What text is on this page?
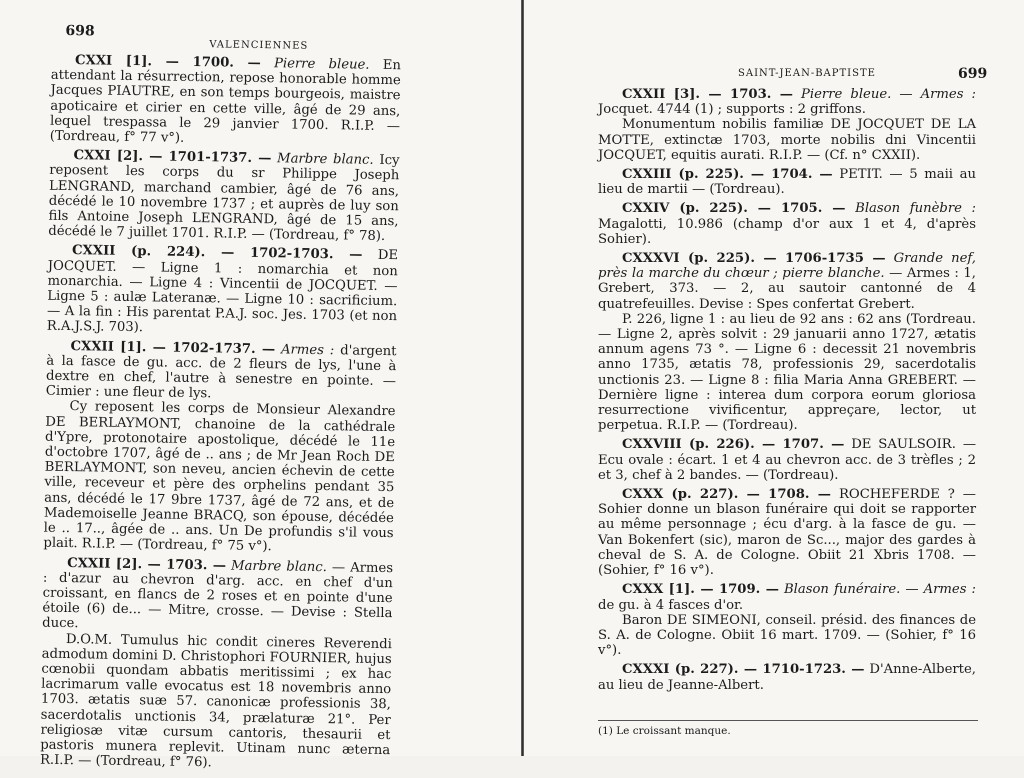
698
VALENCIENNES

CXXI [1]. — 1700. — Pierre bleue. En attendant la résurrection, repose honorable homme Jacques PIAUTRE, en son temps bourgeois, maistre apoticaire et cirier en cette ville, âgé de 29 ans, lequel trespassa le 29 janvier 1700. R.I.P. — (Tordreau, f° 77 v°).

CXXI [2]. — 1701-1737. — Marbre blanc. Icy reposent les corps du sr Philippe Joseph LENGRAND, marchand cambier, âgé de 76 ans, décédé le 10 novembre 1737 ; et auprès de luy son fils Antoine Joseph LENGRAND, âgé de 15 ans, décédé le 7 juillet 1701. R.I.P. — (Tordreau, f° 78).

CXXII (p. 224). — 1702-1703. — DE JOCQUET. — Ligne 1 : nomarchia et non monarchia. — Ligne 4 : Vincentii de JOCQUET. — Ligne 5 : aulæ Lateranæ. — Ligne 10 : sacrificium. — A la fin : His parentat P.A.J. soc. Jes. 1703 (et non R.A.J.S.J. 703).

CXXII [1]. — 1702-1737. — Armes : d'argent à la fasce de gu. acc. de 2 fleurs de lys, l'une à dextre en chef, l'autre à senestre en pointe. — Cimier : une fleur de lys.

Cy reposent les corps de Monsieur Alexandre DE BERLAYMONT, chanoine de la cathédrale d'Ypre, protonotaire apostolique, décédé le 11e d'octobre 1707, âgé de .. ans ; de Mr Jean Roch DE BERLAYMONT, son neveu, ancien échevin de cette ville, receveur et père des orphelins pendant 35 ans, décédé le 17 9bre 1737, âgé de 72 ans, et de Mademoiselle Jeanne BRACQ, son épouse, décédée le .. 17.., âgée de .. ans. Un De profundis s'il vous plait. R.I.P. — (Tordreau, f° 75 v°).

CXXII [2]. — 1703. — Marbre blanc. — Armes : d'azur au chevron d'arg. acc. en chef d'un croissant, en flancs de 2 roses et en pointe d'une étoile (6) de... — Mitre, crosse. — Devise : Stella duce.

D.O.M. Tumulus hic condit cineres Reverendi admodum domini D. Christophori FOURNIER, hujus cœnobii quondam abbatis meritissimi ; ex hac lacrimarum valle evocatus est 18 novembris anno 1703. ætatis suæ 57. canonicæ professionis 38, sacerdotalis unctionis 34, prælaturæ 21°. Per religiosæ vitæ cursum cantoris, thesaurii et pastoris munera replevit. Utinam nunc æterna R.I.P. — (Tordreau, f° 76).

SAINT-JEAN-BAPTISTE	699

CXXII [3]. — 1703. — Pierre bleue. — Armes : Jocquet. 4744 (1) ; supports : 2 griffons.

Monumentum nobilis familiæ DE JOCQUET DE LA MOTTE, extinctæ 1703, morte nobilis dni Vincentii JOCQUET, equitis aurati. R.I.P. — (Cf. n° CXXII).

CXXIII (p. 225). — 1704. — PETIT. — 5 maii au lieu de martii — (Tordreau).

CXXIV (p. 225). — 1705. — Blason funèbre : Magalotti, 10.986 (champ d'or aux 1 et 4, d'après Sohier).

CXXXVI (p. 225). — 1706-1735 — Grande nef, près la marche du chœur ; pierre blanche. — Armes : 1, Grebert, 373. — 2, au sautoir cantonné de 4 quatrefeuilles. Devise : Spes confertat Grebert.

P. 226, ligne 1 : au lieu de 92 ans : 62 ans (Tordreau. — Ligne 2, après solvit : 29 januarii anno 1727, ætatis annum agens 73 °. — Ligne 6 : decessit 21 novembris anno 1735, ætatis 78, professionis 29, sacerdotalis unctionis 23. — Ligne 8 : filia Maria Anna GREBERT. — Dernière ligne : interea dum corpora eorum gloriosa resurrectione vivificentur, appreçare, lector, ut perpetua. R.I.P. — (Tordreau).

CXXVIII (p. 226). — 1707. — DE SAULSOIR. — Ecu ovale : écart. 1 et 4 au chevron acc. de 3 trèfles ; 2 et 3, chef à 2 bandes. — (Tordreau).

CXXX (p. 227). — 1708. — ROCHEFERDE ? — Sohier donne un blason funéraire qui doit se rapporter au même personnage ; écu d'arg. à la fasce de gu. — Van Bokenfert (sic), maron de Sc..., major des gardes à cheval de S. A. de Cologne. Obiit 21 Xbris 1708. — (Sohier, f° 16 v°).

CXXX [1]. — 1709. — Blason funéraire. — Armes : de gu. à 4 fasces d'or.

Baron DE SIMEONI, conseil. présid. des finances de S. A. de Cologne. Obiit 16 mart. 1709. — (Sohier, f° 16 v°).

CXXXI (p. 227). — 1710-1723. — D'Anne-Alberte, au lieu de Jeanne-Albert.

(1) Le croissant manque.
